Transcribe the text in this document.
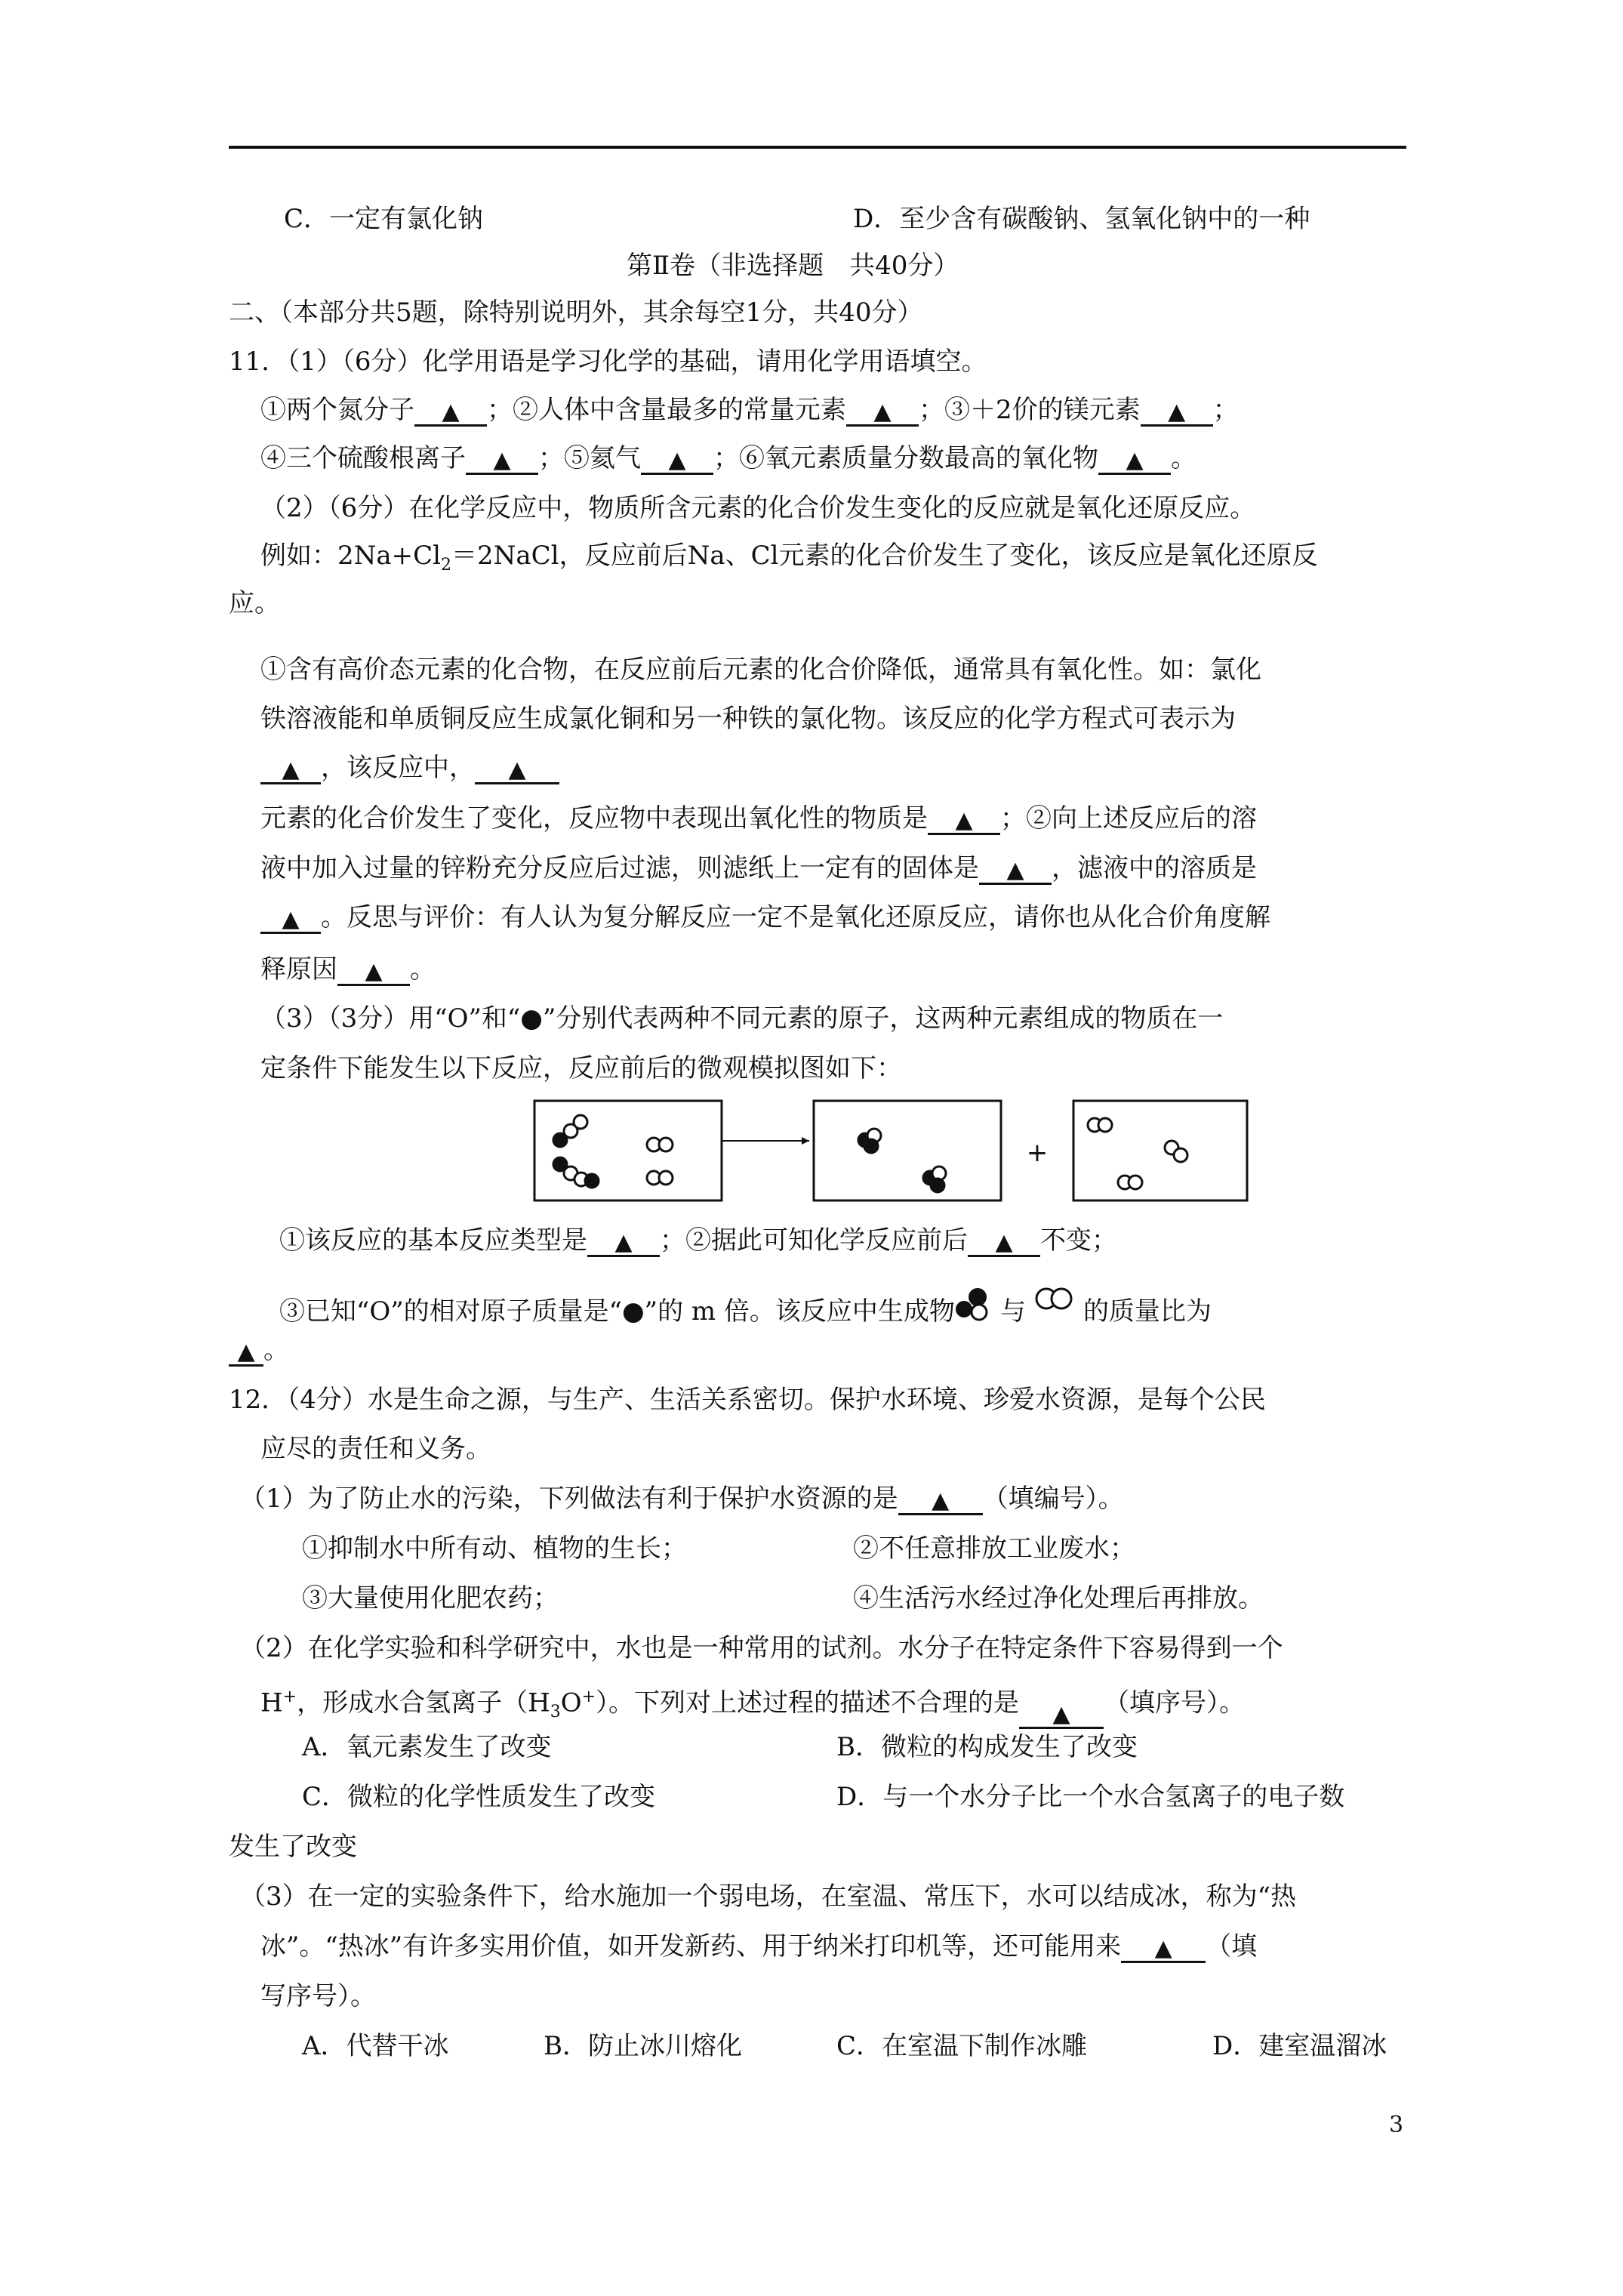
C．一定有氯化钠	D．至少含有碳酸钠、氢氧化钠中的一种
第Ⅱ卷（非选择题　共40分）
二、（本部分共5题，除特别说明外，其余每空1分，共40分）
11．（1）（6分）化学用语是学习化学的基础，请用化学用语填空。
①两个氮分子 ▲ ；②人体中含量最多的常量元素 ▲ ；③＋2价的镁元素 ▲ ；
④三个硫酸根离子 ▲ ；⑤氦气 ▲ ；⑥氧元素质量分数最高的氧化物 ▲ 。
（2）（6分）在化学反应中，物质所含元素的化合价发生变化的反应就是氧化还原反应。
例如：$2Na+Cl_2=2NaCl$，反应前后Na、Cl元素的化合价发生了变化，该反应是氧化还原反
应。
①含有高价态元素的化合物，在反应前后元素的化合价降低，通常具有氧化性。如：氯化
铁溶液能和单质铜反应生成氯化铜和另一种铁的氯化物。该反应的化学方程式可表示为
▲ ，该反应中， ▲
元素的化合价发生了变化，反应物中表现出氧化性的物质是 ▲ ；②向上述反应后的溶
液中加入过量的锌粉充分反应后过滤，则滤纸上一定有的固体是 ▲ ，滤液中的溶质是
▲ 。反思与评价：有人认为复分解反应一定不是氧化还原反应，请你也从化合价角度解
释原因 ▲ 。
（3）（3分）用“O”和“●”分别代表两种不同元素的原子，这两种元素组成的物质在一
定条件下能发生以下反应，反应前后的微观模拟图如下：
+
①该反应的基本反应类型是 ▲ ；②据此可知化学反应前后 ▲ 不变；
③已知“O”的相对原子质量是“●”的 m 倍。该反应中生成物 与 的质量比为
▲ 。
12．（4分）水是生命之源，与生产、生活关系密切。保护水环境、珍爱水资源，是每个公民
应尽的责任和义务。
（1）为了防止水的污染，下列做法有利于保护水资源的是 ▲ （填编号）。
①抑制水中所有动、植物的生长；	②不任意排放工业废水；
③大量使用化肥农药；	④生活污水经过净化处理后再排放。
（2）在化学实验和科学研究中，水也是一种常用的试剂。水分子在特定条件下容易得到一个
H+，形成水合氢离子$(H_3O^+)$。下列对上述过程的描述不合理的是 ▲ （填序号）。
A．氧元素发生了改变	B．微粒的构成发生了改变
C．微粒的化学性质发生了改变	D．与一个水分子比一个水合氢离子的电子数
发生了改变
（3）在一定的实验条件下，给水施加一个弱电场，在室温、常压下，水可以结成冰，称为“热
冰”。“热冰”有许多实用价值，如开发新药、用于纳米打印机等，还可能用来 ▲ （填
写序号）。
A．代替干冰	B．防止冰川熔化	C．在室温下制作冰雕	D．建室温溜冰
3
